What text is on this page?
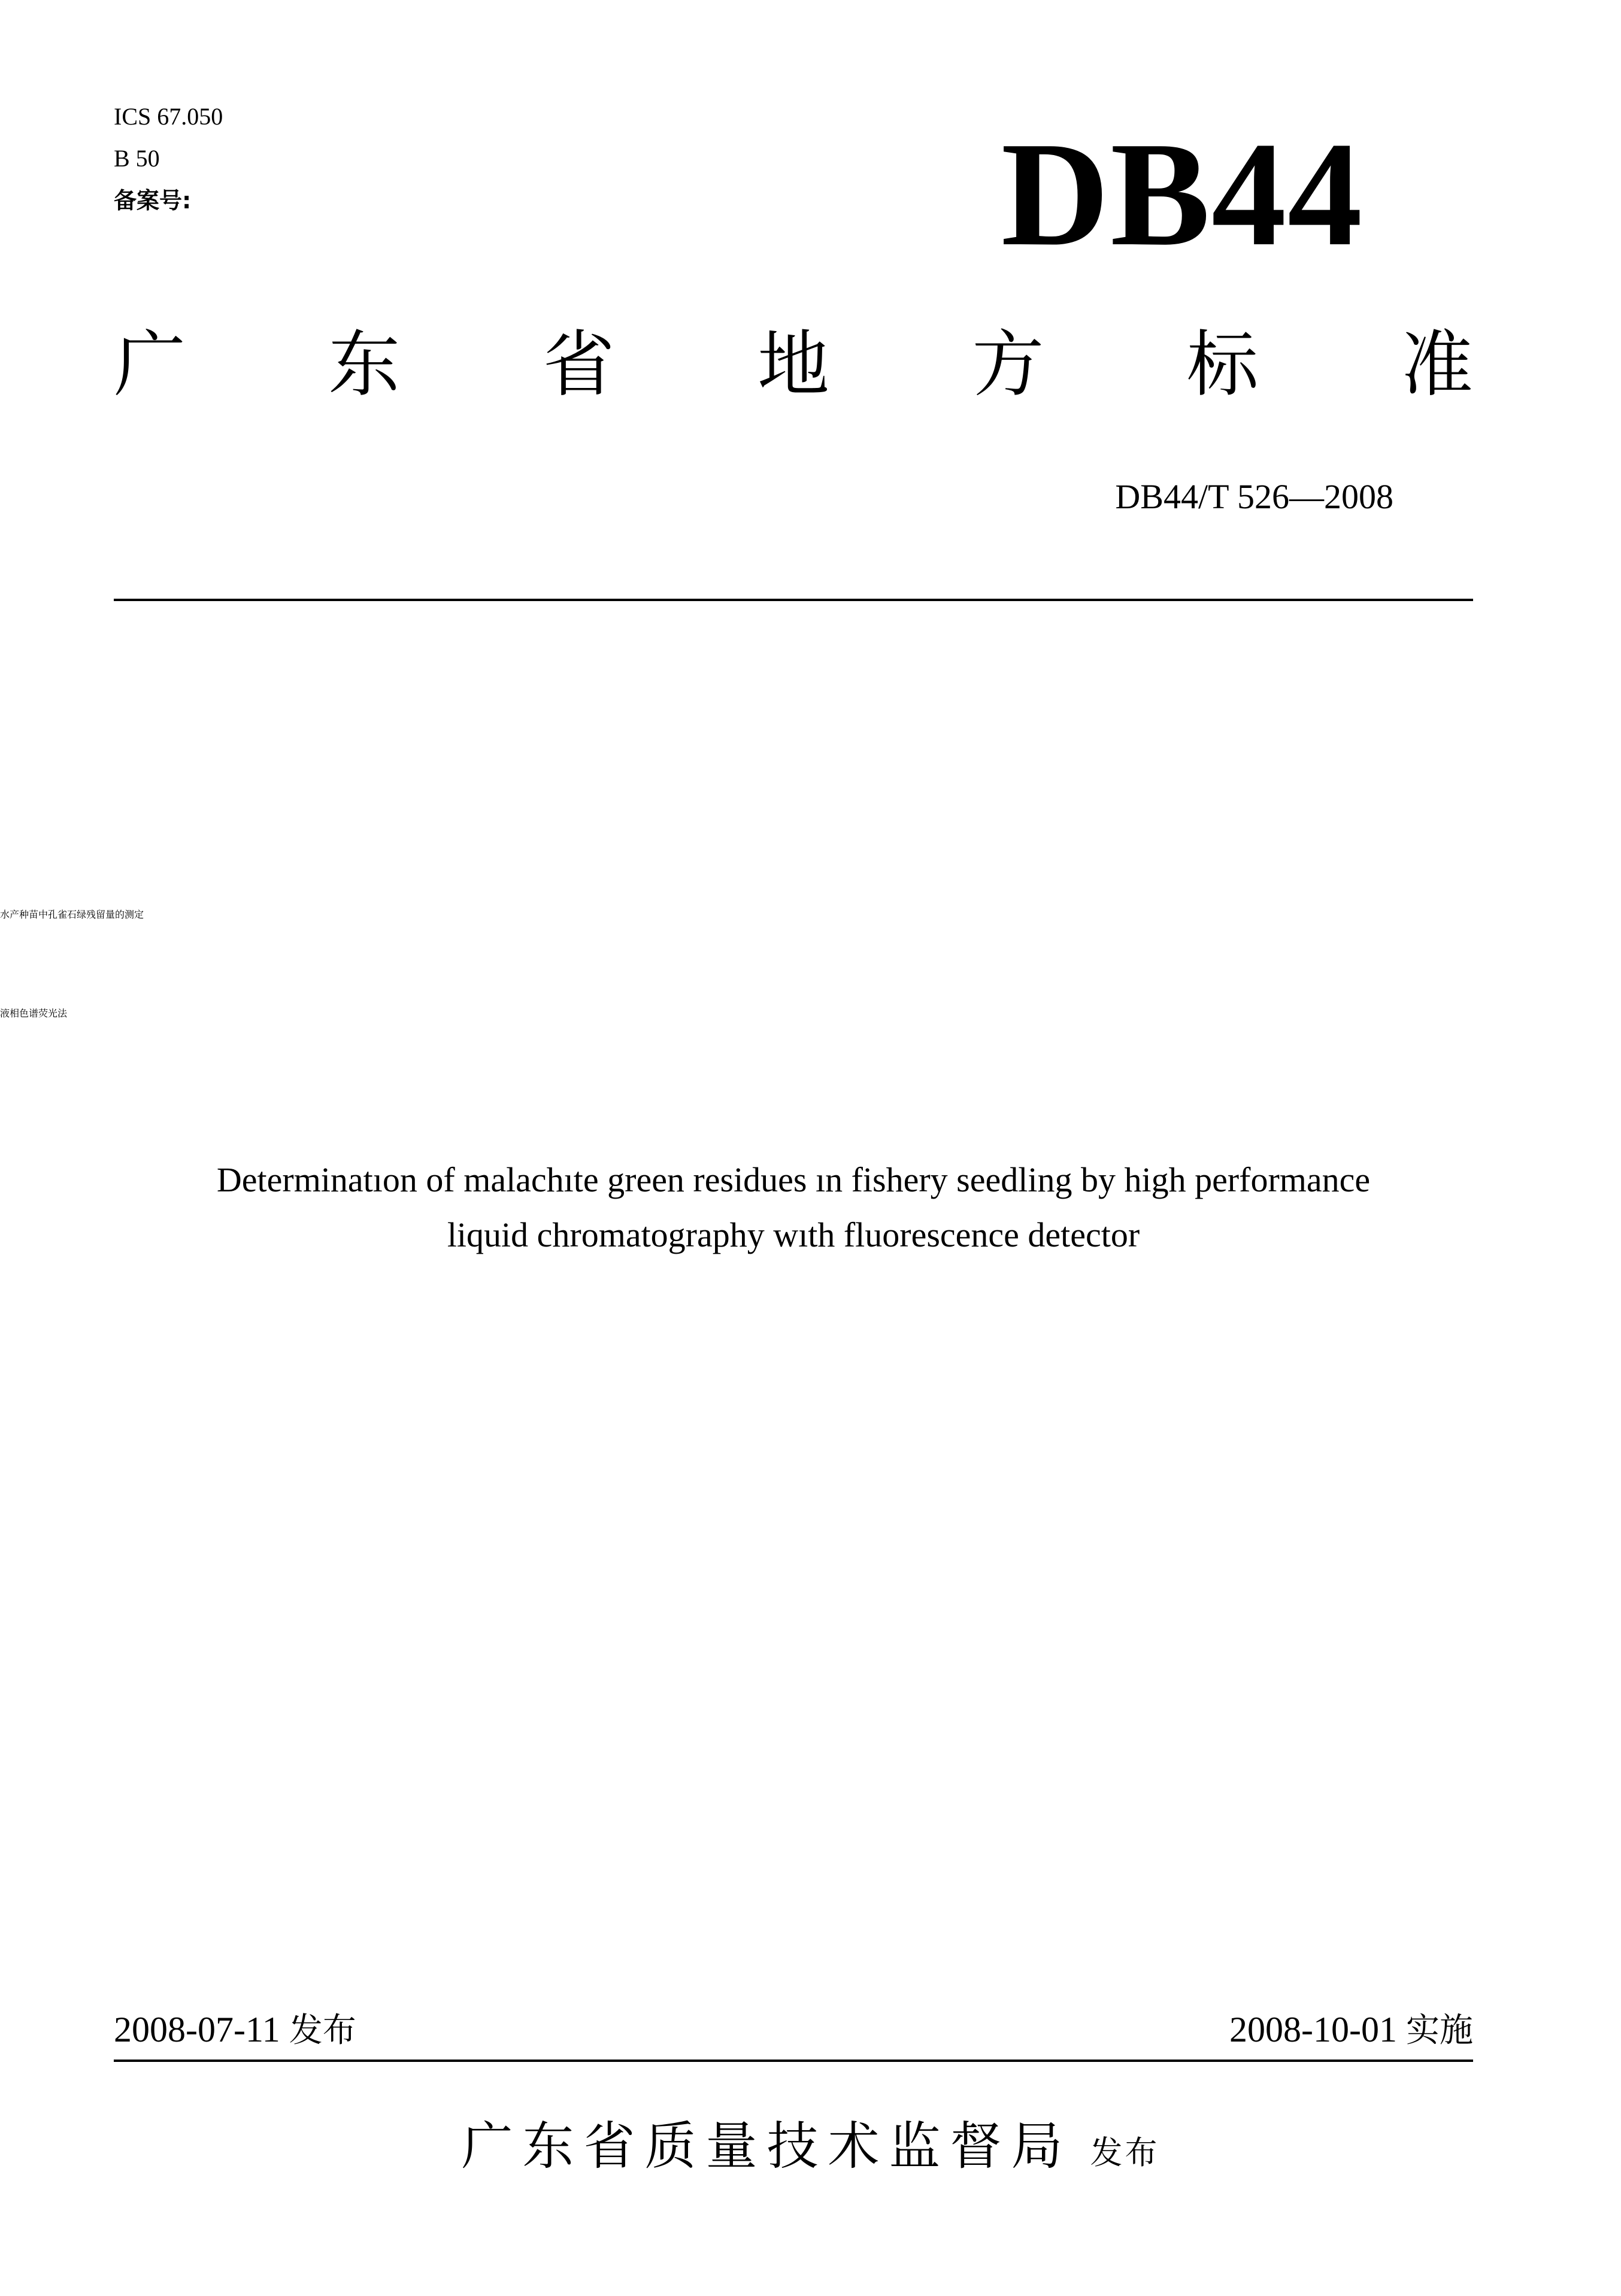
ICS 67.050
B 50
备案号:	DB44
广 东 省 地 方 标 准
DB44/T 526—2008
水产种苗中孔雀石绿残留量的测定
液相色谱荧光法
Determinatıon of malachıte green residues ın fishery seedling by high performance
liquid chromatography wıth fluorescence detector
2008-07-11 发布	2008-10-01 实施
广东省质量技术监督局 发布
